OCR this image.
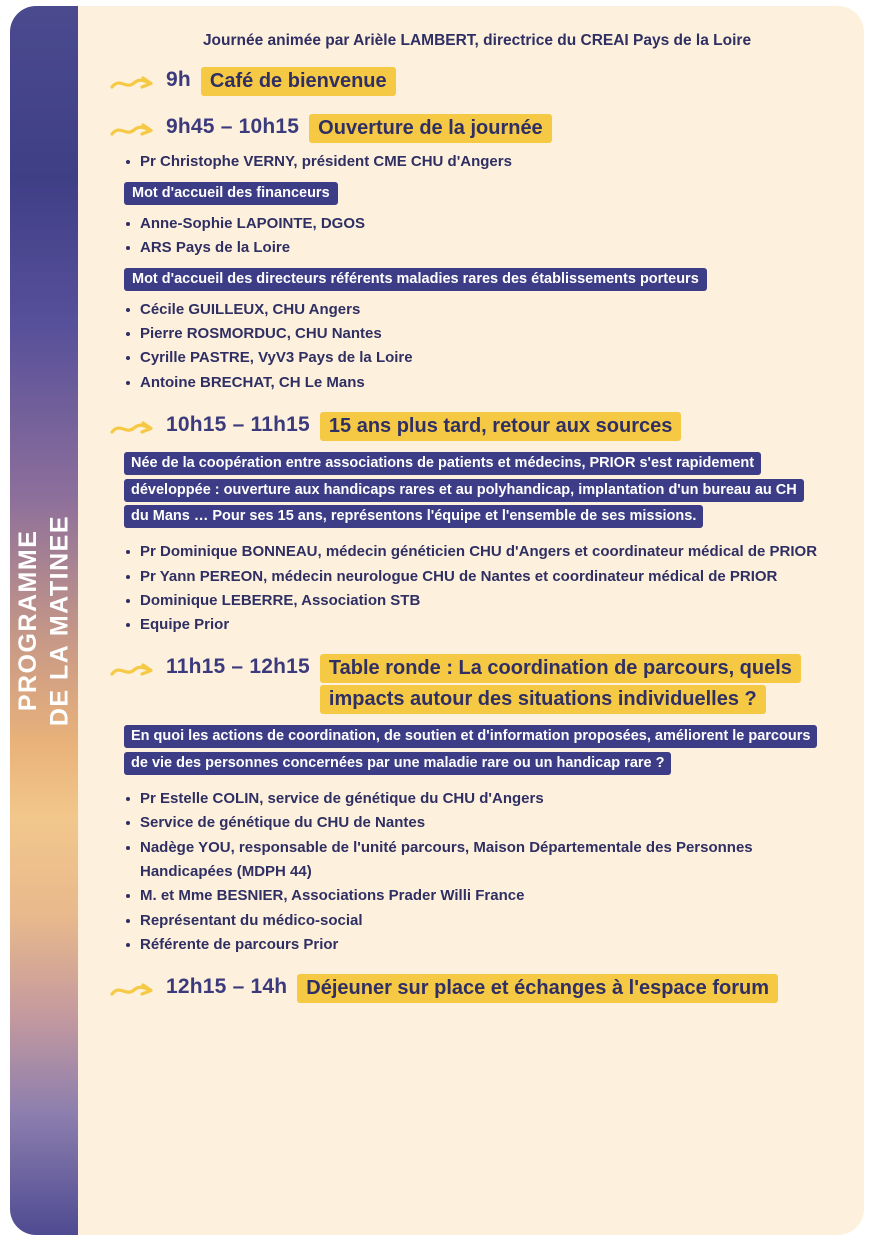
PROGRAMME
DE LA MATINEE
Journée animée par Arièle LAMBERT, directrice du CREAI Pays de la Loire
9h Café de bienvenue
9h45 – 10h15 Ouverture de la journée
Pr Christophe VERNY, président CME CHU d'Angers
Mot d'accueil des financeurs
Anne-Sophie LAPOINTE, DGOS
ARS Pays de la Loire
Mot d'accueil des directeurs référents maladies rares des établissements porteurs
Cécile GUILLEUX, CHU Angers
Pierre ROSMORDUC, CHU Nantes
Cyrille PASTRE, VyV3 Pays de la Loire
Antoine BRECHAT, CH Le Mans
10h15 – 11h15 15 ans plus tard, retour aux sources
Née de la coopération entre associations de patients et médecins, PRIOR s'est rapidement développée : ouverture aux handicaps rares et au polyhandicap, implantation d'un bureau au CH du Mans … Pour ses 15 ans, représentons l'équipe et l'ensemble de ses missions.
Pr Dominique BONNEAU, médecin généticien CHU d'Angers et coordinateur médical de PRIOR
Pr Yann PEREON, médecin neurologue CHU de Nantes et coordinateur médical de PRIOR
Dominique LEBERRE, Association STB
Equipe Prior
11h15 – 12h15 Table ronde : La coordination de parcours, quels impacts autour des situations individuelles ?
En quoi les actions de coordination, de soutien et d'information proposées, améliorent le parcours de vie des personnes concernées par une maladie rare ou un handicap rare ?
Pr Estelle COLIN, service de génétique du CHU d'Angers
Service de génétique du CHU de Nantes
Nadège YOU, responsable de l'unité parcours, Maison Départementale des Personnes Handicapées (MDPH 44)
M. et Mme BESNIER, Associations Prader Willi France
Représentant du médico-social
Référente de parcours Prior
12h15 – 14h Déjeuner sur place et échanges à l'espace forum
